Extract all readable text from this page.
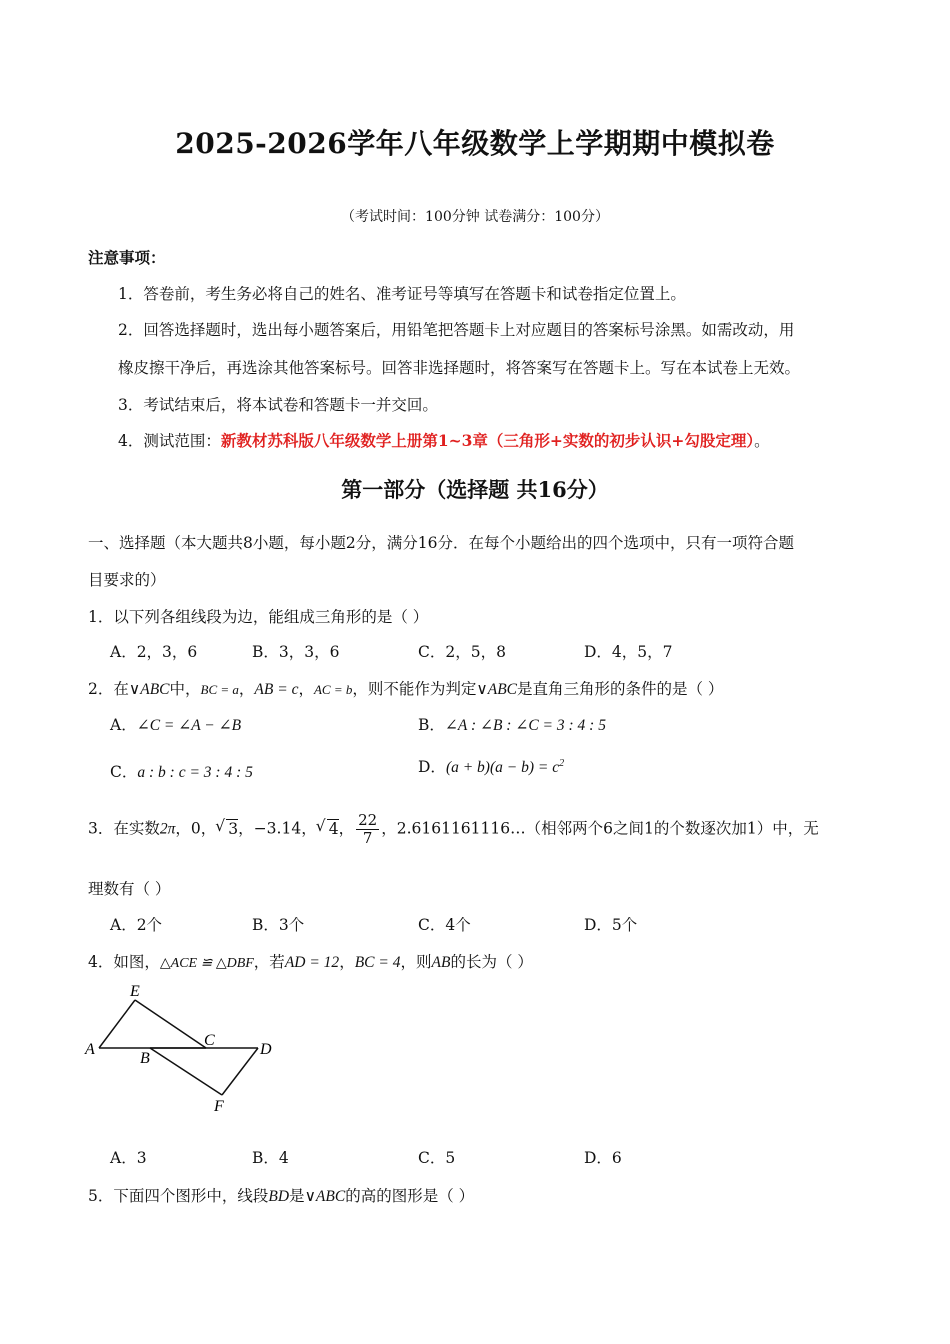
2025-2026学年八年级数学上学期期中模拟卷
（考试时间：100分钟 试卷满分：100分）
注意事项：
1．答卷前，考生务必将自己的姓名、准考证号等填写在答题卡和试卷指定位置上。
2．回答选择题时，选出每小题答案后，用铅笔把答题卡上对应题目的答案标号涂黑。如需改动，用
橡皮擦干净后，再选涂其他答案标号。回答非选择题时，将答案写在答题卡上。写在本试卷上无效。
3．考试结束后，将本试卷和答题卡一并交回。
4．测试范围：新教材苏科版八年级数学上册第1~3章（三角形+实数的初步认识+勾股定理）。
第一部分（选择题 共16分）
一、选择题（本大题共8小题，每小题2分，满分16分．在每个小题给出的四个选项中，只有一项符合题
目要求的）
1．以下列各组线段为边，能组成三角形的是（ ）
A．2，3，6	B．3，3，6	C．2，5，8	D．4，5，7
2．在∨ABC中，BC = a，AB = c，AC = b，则不能作为判定∨ABC是直角三角形的条件的是（ ）
A．∠C = ∠A − ∠B	B．∠A : ∠B : ∠C = 3 : 4 : 5
C．a : b : c = 3 : 4 : 5	D．$(a + b)(a - b) = c^2$
3．在实数2π，0， √ 3，−3.14， √ 4， $\frac{22}{7}$ ，2.6161161116…（相邻两个6之间1的个数逐次加1）中，无
理数有（ ）
A．2个	B．3个	C．4个	D．5个
4．如图，△ACE ≌ △DBF，若AD = 12，BC = 4，则AB的长为（ ）
E
A
B
C
D
F
A．3	B．4	C．5	D．6
5．下面四个图形中，线段BD是∨ABC的高的图形是（ ）
